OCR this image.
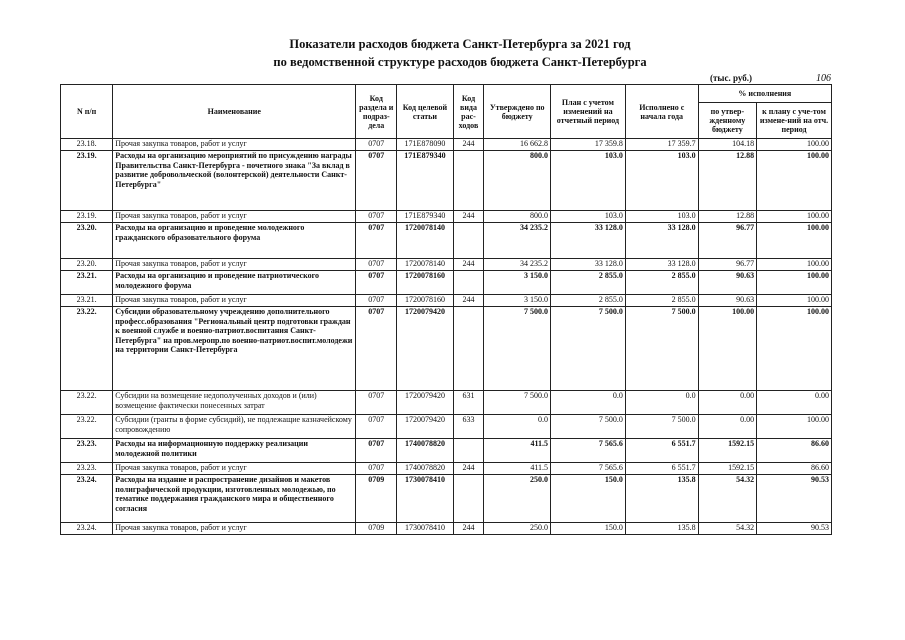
Показатели расходов бюджета Санкт-Петербурга за 2021 год
по ведомственной структуре расходов бюджета Санкт-Петербурга
(тыс. руб.)	106
N п/п	Наименование	Код раздела и подраз-дела	Код целевой статьи	Код вида рас-ходов	Утверждено по бюджету	План с учетом изменений на отчетный период	Исполнено с начала года	% исполнения	
								по утвер-жденному бюджету	к плану с уче-том измене-ний на отч. период
23.18.	Прочая закупка товаров, работ и услуг	0707	171E878090	244	16 662.8	17 359.8	17 359.7	104.18	100.00
23.19.	Расходы на организацию мероприятий по присуждению награды Правительства Санкт-Петербурга - почетного знака "За вклад в развитие добровольческой (волонтерской) деятельности Санкт-Петербурга"	0707	171E879340		800.0	103.0	103.0	12.88	100.00
23.19.	Прочая закупка товаров, работ и услуг	0707	171E879340	244	800.0	103.0	103.0	12.88	100.00
23.20.	Расходы на организацию и проведение молодежного гражданского образовательного форума	0707	1720078140		34 235.2	33 128.0	33 128.0	96.77	100.00
23.20.	Прочая закупка товаров, работ и услуг	0707	1720078140	244	34 235.2	33 128.0	33 128.0	96.77	100.00
23.21.	Расходы на организацию и проведение патриотического молодежного форума	0707	1720078160		3 150.0	2 855.0	2 855.0	90.63	100.00
23.21.	Прочая закупка товаров, работ и услуг	0707	1720078160	244	3 150.0	2 855.0	2 855.0	90.63	100.00
23.22.	Субсидии образовательному учреждению дополнительного професс.образования "Региональный центр подготовки граждан к военной службе и военно-патриот.воспитания Санкт-Петербурга" на пров.меропр.по военно-патриот.воспит.молодежи на территории Санкт-Петербурга	0707	1720079420		7 500.0	7 500.0	7 500.0	100.00	100.00
23.22.	Субсидии на возмещение недополученных доходов и (или) возмещение фактически понесенных затрат	0707	1720079420	631	7 500.0	0.0	0.0	0.00	0.00
23.22.	Субсидии (гранты в форме субсидий), не подлежащие казначейскому сопровождению	0707	1720079420	633	0.0	7 500.0	7 500.0	0.00	100.00
23.23.	Расходы на информационную поддержку реализации молодежной политики	0707	1740078820		411.5	7 565.6	6 551.7	1592.15	86.60
23.23.	Прочая закупка товаров, работ и услуг	0707	1740078820	244	411.5	7 565.6	6 551.7	1592.15	86.60
23.24.	Расходы на издание и распространение дизайнов и макетов полиграфической продукции, изготовленных молодежью, по тематике поддержания гражданского мира и общественного согласия	0709	1730078410		250.0	150.0	135.8	54.32	90.53
23.24.	Прочая закупка товаров, работ и услуг	0709	1730078410	244	250.0	150.0	135.8	54.32	90.53
